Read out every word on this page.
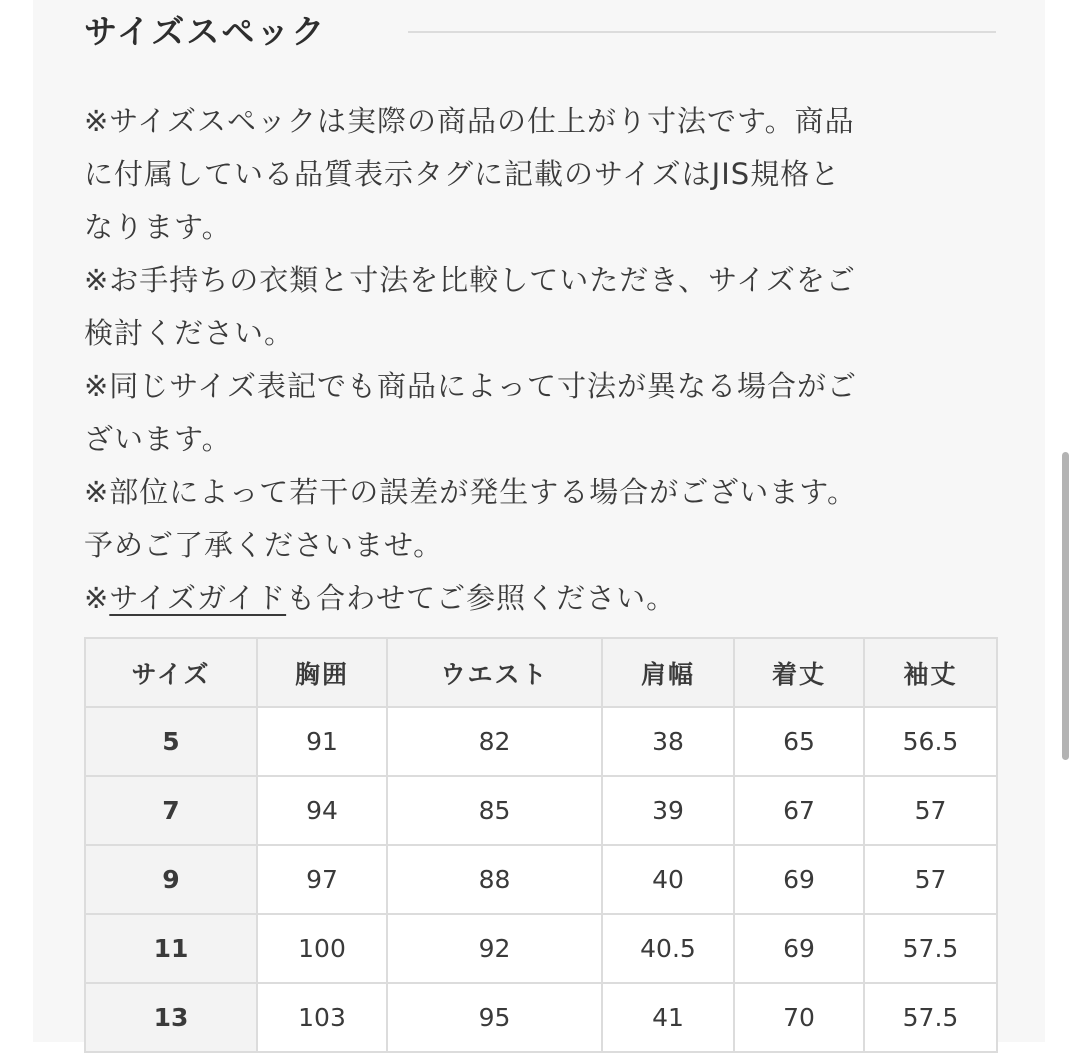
サイズスペック
※サイズスペックは実際の商品の仕上がり寸法です。商品
に付属している品質表示タグに記載のサイズはJIS規格と
なります。
※お手持ちの衣類と寸法を比較していただき、サイズをご
検討ください。
※同じサイズ表記でも商品によって寸法が異なる場合がご
ざいます。
※部位によって若干の誤差が発生する場合がございます。
予めご了承くださいませ。
※サイズガイドも合わせてご参照ください。
サイズ	胸囲	ウエスト	肩幅	着丈	袖丈
5	91	82	38	65	56.5
7	94	85	39	67	57
9	97	88	40	69	57
11	100	92	40.5	69	57.5
13	103	95	41	70	57.5
